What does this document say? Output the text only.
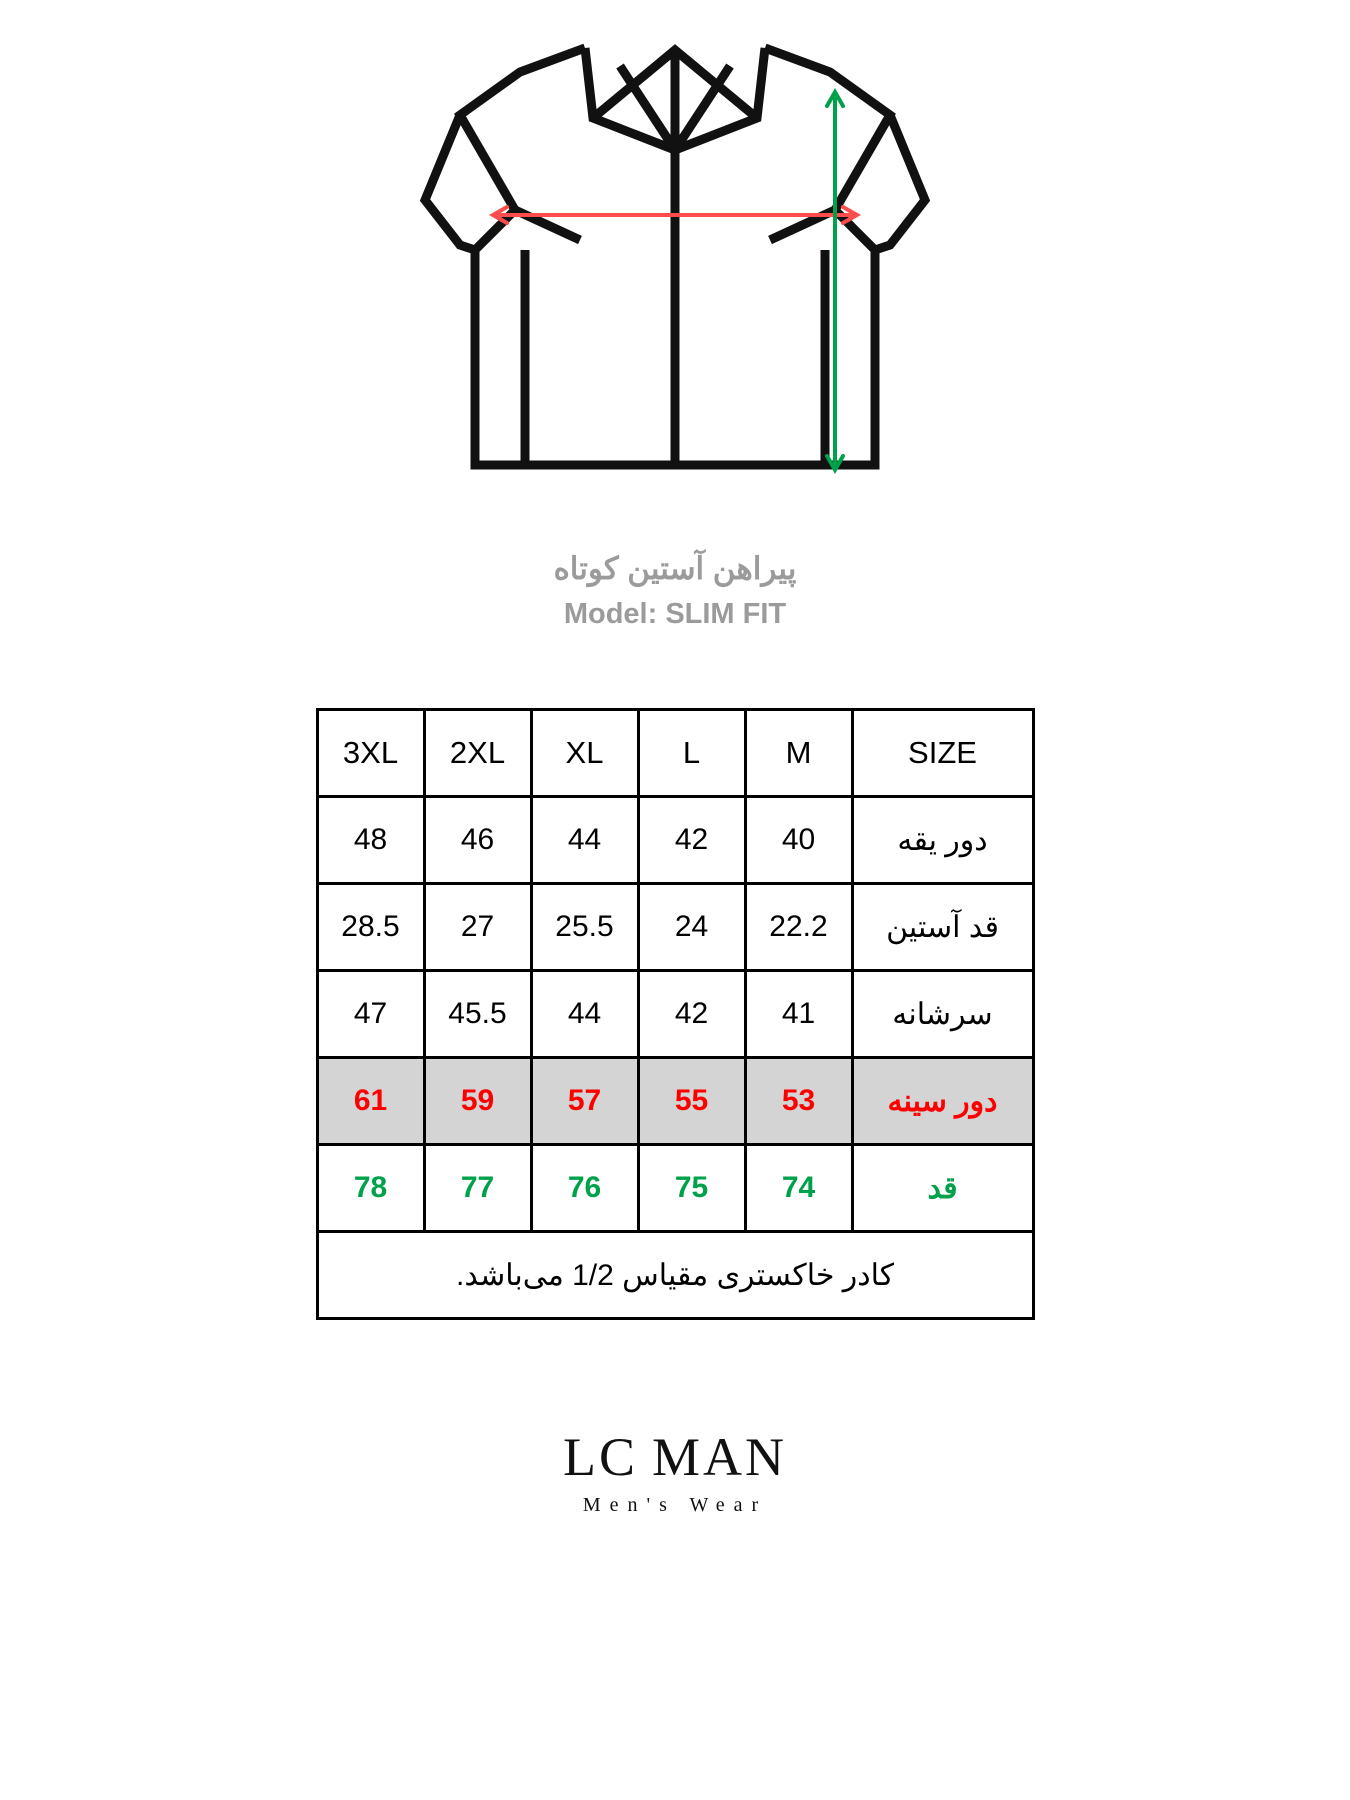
پیراهن آستین کوتاه
Model: SLIM FIT
3XL	2XL	XL	L	M	SIZE
48	46	44	42	40	دور یقه
28.5	27	25.5	24	22.2	قد آستین
47	45.5	44	42	41	سرشانه
61	59	57	55	53	دور سینه
78	77	76	75	74	قد
کادر خاکستری مقیاس 1/2 می‌باشد.					
LC MAN
Men's Wear
